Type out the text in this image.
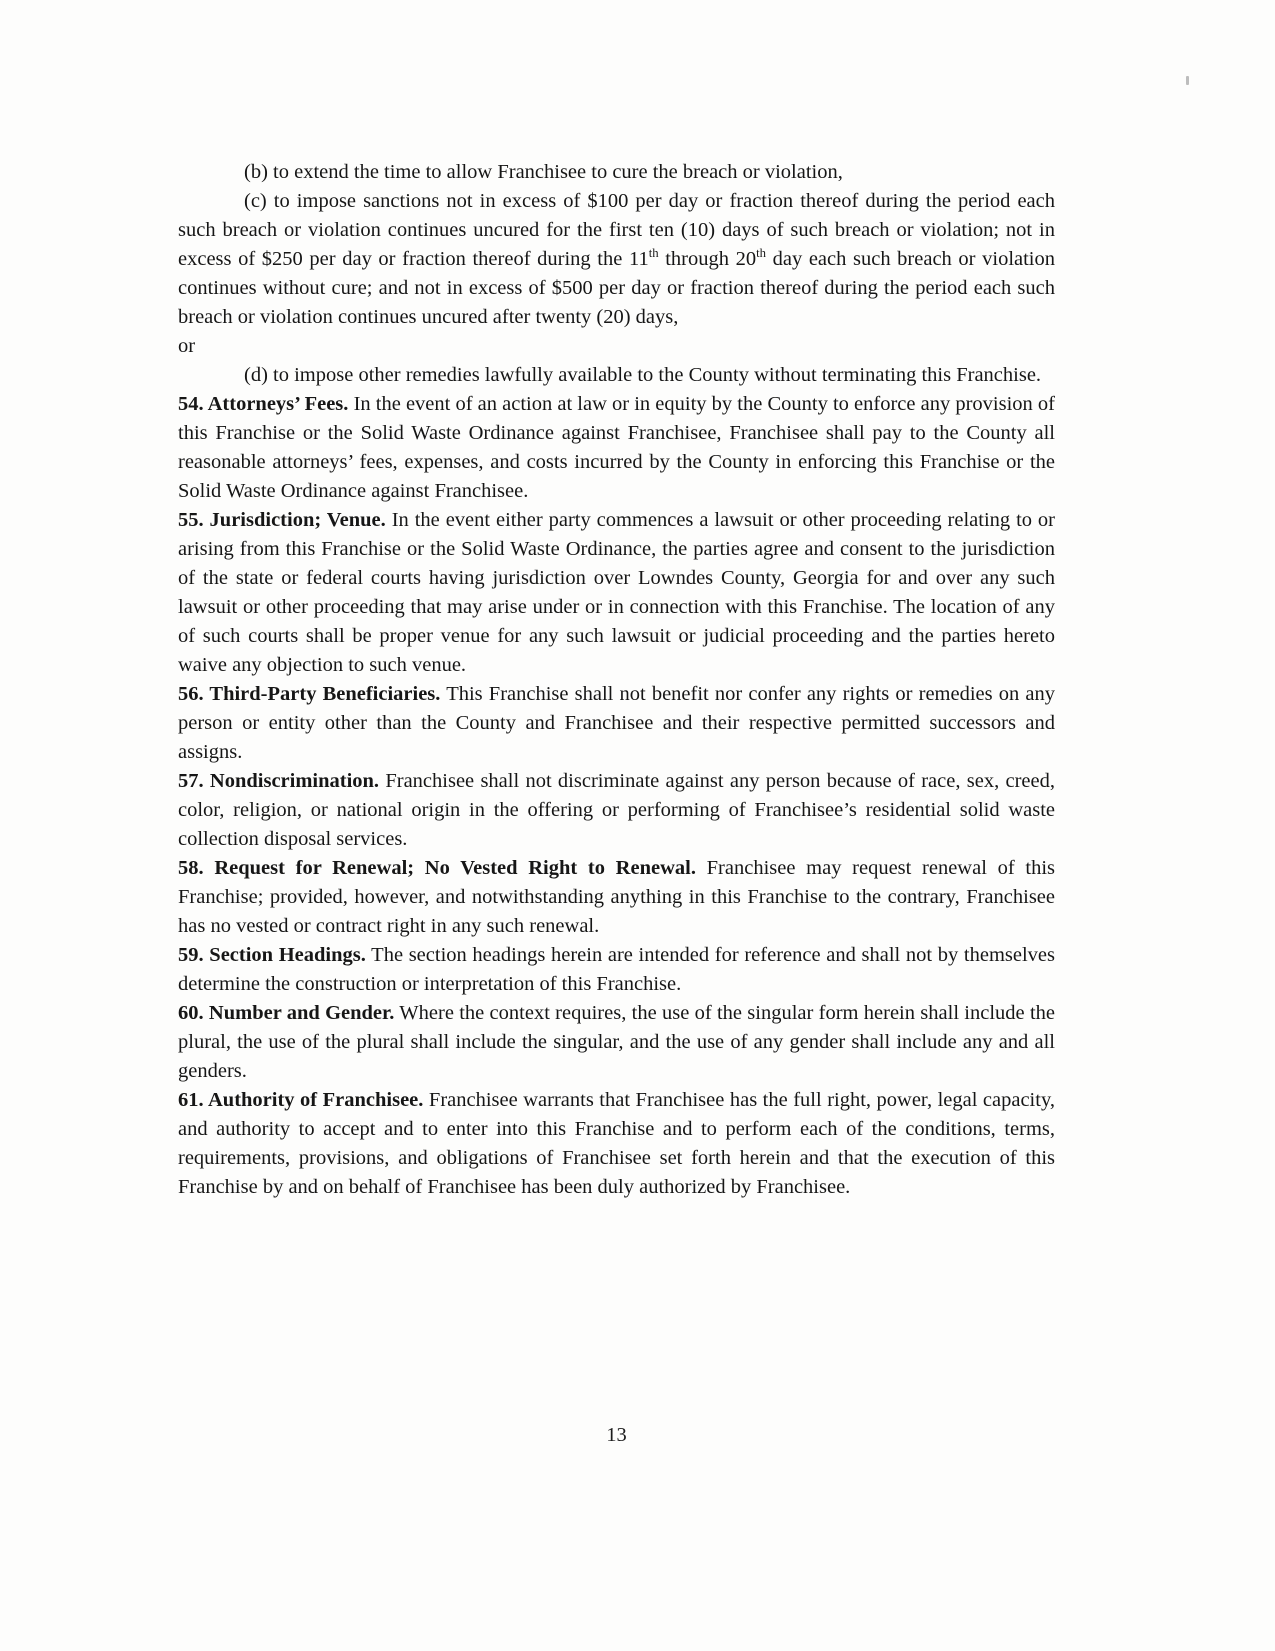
(b) to extend the time to allow Franchisee to cure the breach or violation,

(c) to impose sanctions not in excess of $100 per day or fraction thereof during the period each such breach or violation continues uncured for the first ten (10) days of such breach or violation; not in excess of $250 per day or fraction thereof during the 11th through 20th day each such breach or violation continues without cure; and not in excess of $500 per day or fraction thereof during the period each such breach or violation continues uncured after twenty (20) days,

or

(d) to impose other remedies lawfully available to the County without terminating this Franchise.

54. Attorneys’ Fees. In the event of an action at law or in equity by the County to enforce any provision of this Franchise or the Solid Waste Ordinance against Franchisee, Franchisee shall pay to the County all reasonable attorneys’ fees, expenses, and costs incurred by the County in enforcing this Franchise or the Solid Waste Ordinance against Franchisee.

55. Jurisdiction; Venue. In the event either party commences a lawsuit or other proceeding relating to or arising from this Franchise or the Solid Waste Ordinance, the parties agree and consent to the jurisdiction of the state or federal courts having jurisdiction over Lowndes County, Georgia for and over any such lawsuit or other proceeding that may arise under or in connection with this Franchise. The location of any of such courts shall be proper venue for any such lawsuit or judicial proceeding and the parties hereto waive any objection to such venue.

56. Third-Party Beneficiaries. This Franchise shall not benefit nor confer any rights or remedies on any person or entity other than the County and Franchisee and their respective permitted successors and assigns.

57. Nondiscrimination. Franchisee shall not discriminate against any person because of race, sex, creed, color, religion, or national origin in the offering or performing of Franchisee’s residential solid waste collection disposal services.

58. Request for Renewal; No Vested Right to Renewal. Franchisee may request renewal of this Franchise; provided, however, and notwithstanding anything in this Franchise to the contrary, Franchisee has no vested or contract right in any such renewal.

59. Section Headings. The section headings herein are intended for reference and shall not by themselves determine the construction or interpretation of this Franchise.

60. Number and Gender. Where the context requires, the use of the singular form herein shall include the plural, the use of the plural shall include the singular, and the use of any gender shall include any and all genders.

61. Authority of Franchisee. Franchisee warrants that Franchisee has the full right, power, legal capacity, and authority to accept and to enter into this Franchise and to perform each of the conditions, terms, requirements, provisions, and obligations of Franchisee set forth herein and that the execution of this Franchise by and on behalf of Franchisee has been duly authorized by Franchisee.

13
